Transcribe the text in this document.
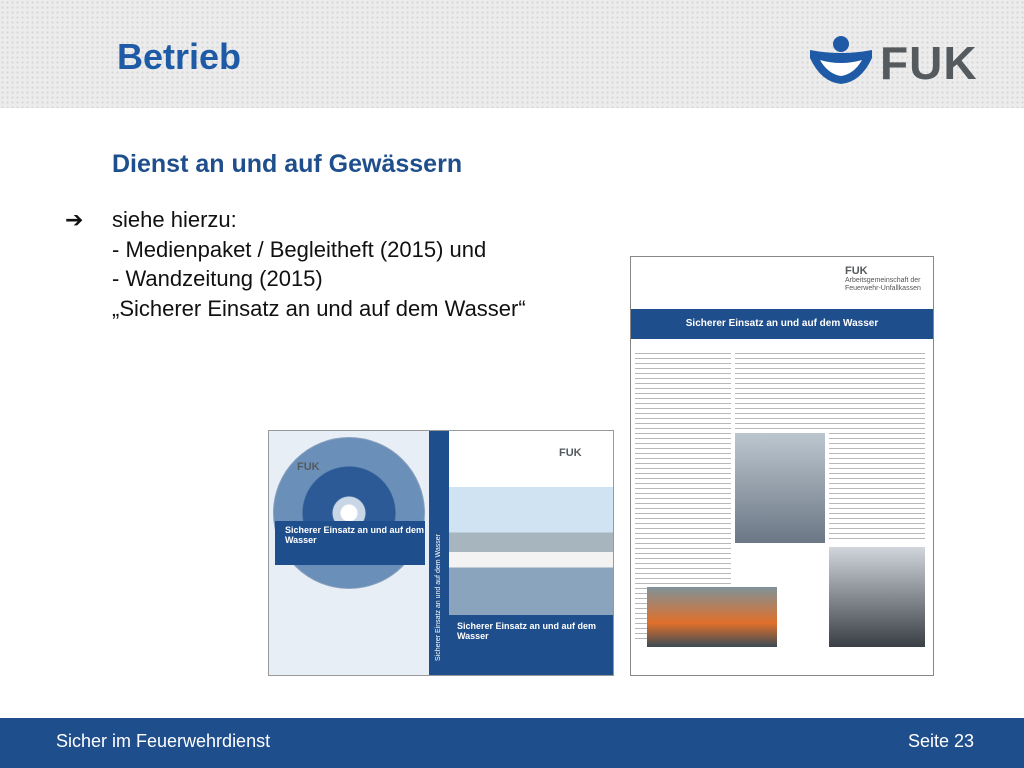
Betrieb	FUK
Dienst an und auf Gewässern
➔ siehe hierzu:
- Medienpaket / Begleitheft (2015) und
- Wandzeitung (2015)
„Sicherer Einsatz an und auf dem Wasser“
FUK
Sicherer Einsatz an und auf dem Wasser	Sicherer Einsatz an und auf dem Wasser
FUK
Sicherer Einsatz an und auf dem Wasser
FUK
Arbeitsgemeinschaft der Feuerwehr-Unfallkassen
Sicherer Einsatz an und auf dem Wasser
Sicher im Feuerwehrdienst	Seite 23
